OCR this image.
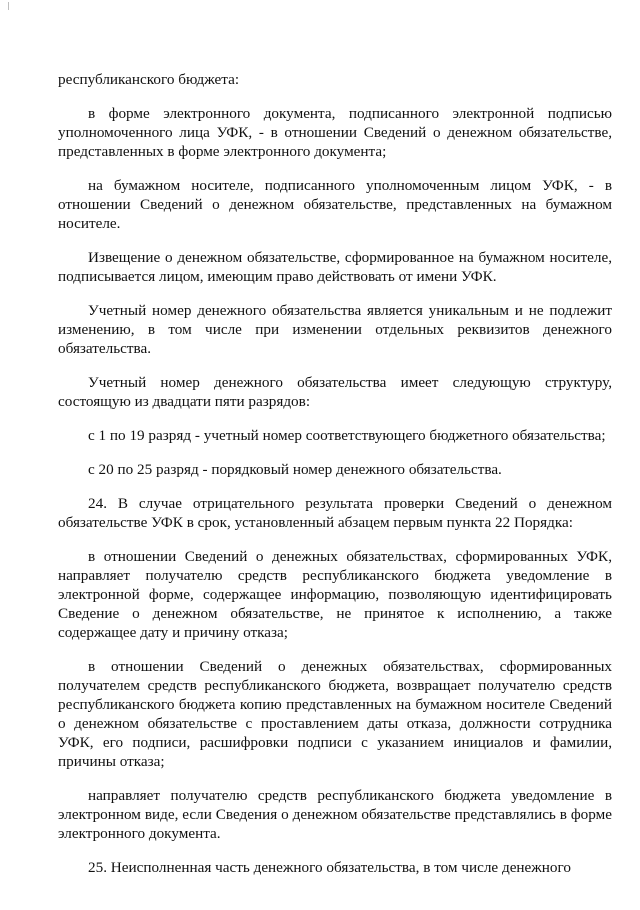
республиканского бюджета:

в форме электронного документа, подписанного электронной подписью уполномоченного лица УФК, - в отношении Сведений о денежном обязательстве, представленных в форме электронного документа;

на бумажном носителе, подписанного уполномоченным лицом УФК, - в отношении Сведений о денежном обязательстве, представленных на бумажном носителе.

Извещение о денежном обязательстве, сформированное на бумажном носителе, подписывается лицом, имеющим право действовать от имени УФК.

Учетный номер денежного обязательства является уникальным и не подлежит изменению, в том числе при изменении отдельных реквизитов денежного обязательства.

Учетный номер денежного обязательства имеет следующую структуру, состоящую из двадцати пяти разрядов:

с 1 по 19 разряд - учетный номер соответствующего бюджетного обязательства;

с 20 по 25 разряд - порядковый номер денежного обязательства.

24. В случае отрицательного результата проверки Сведений о денежном обязательстве УФК в срок, установленный абзацем первым пункта 22 Порядка:

в отношении Сведений о денежных обязательствах, сформированных УФК, направляет получателю средств республиканского бюджета уведомление в электронной форме, содержащее информацию, позволяющую идентифицировать Сведение о денежном обязательстве, не принятое к исполнению, а также содержащее дату и причину отказа;

в отношении Сведений о денежных обязательствах, сформированных получателем средств республиканского бюджета, возвращает получателю средств республиканского бюджета копию представленных на бумажном носителе Сведений о денежном обязательстве с проставлением даты отказа, должности сотрудника УФК, его подписи, расшифровки подписи с указанием инициалов и фамилии, причины отказа;

направляет получателю средств республиканского бюджета уведомление в электронном виде, если Сведения о денежном обязательстве представлялись в форме электронного документа.

25. Неисполненная часть денежного обязательства, в том числе денежного
